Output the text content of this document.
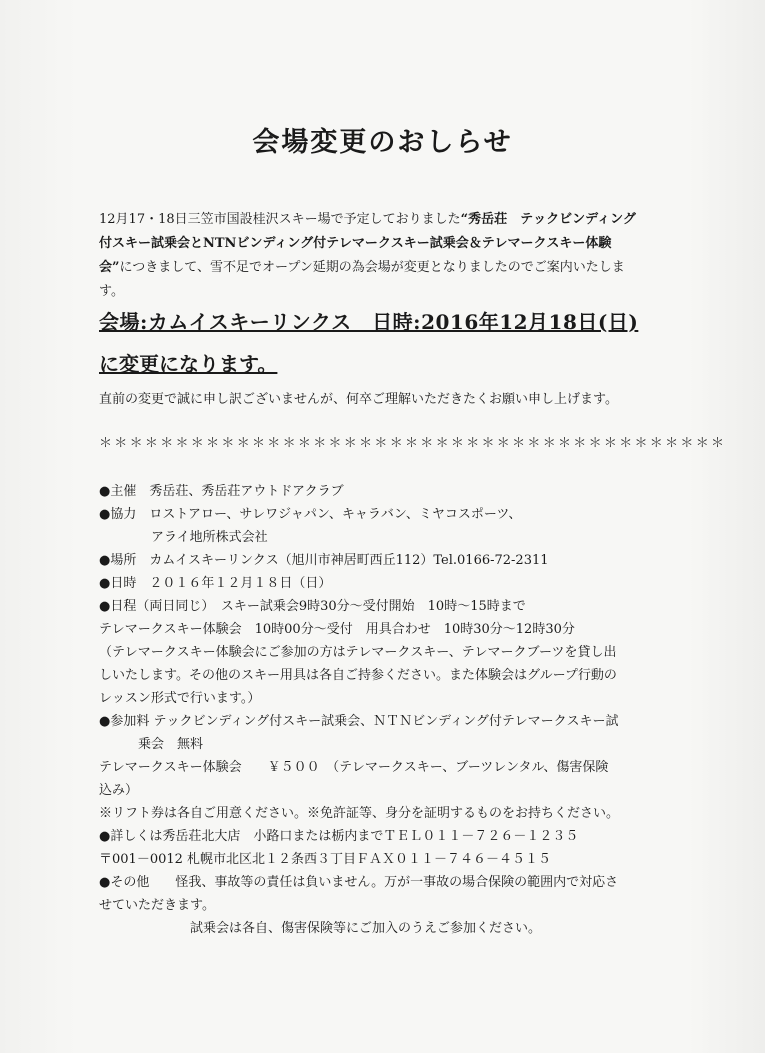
会場変更のおしらせ
12月17・18日三笠市国設桂沢スキー場で予定しておりました“秀岳荘　テックビンディング付スキー試乗会とNTNビンディング付テレマークスキー試乗会＆テレマークスキー体験会”につきまして、雪不足でオープン延期の為会場が変更となりましたのでご案内いたします。
会場:カムイスキーリンクス　日時:2016年12月18日(日)
に変更になります。
直前の変更で誠に申し訳ございませんが、何卒ご理解いただきたくお願い申し上げます。
＊＊＊＊＊＊＊＊＊＊＊＊＊＊＊＊＊＊＊＊＊＊＊＊＊＊＊＊＊＊＊＊＊＊＊＊＊＊＊＊＊
●主催　秀岳荘、秀岳荘アウトドアクラブ
●協力　ロストアロー、サレワジャパン、キャラバン、ミヤコスポーツ、
　　　　アライ地所株式会社
●場所　カムイスキーリンクス（旭川市神居町西丘112）Tel.0166-72-2311
●日時　２０１６年１２月１８日（日）
●日程（両日同じ）　スキー試乗会9時30分～受付開始　10時～15時まで
テレマークスキー体験会　10時00分～受付　用具合わせ　10時30分～12時30分
（テレマークスキー体験会にご参加の方はテレマークスキー、テレマークブーツを貸し出
しいたします。その他のスキー用具は各自ご持参ください。また体験会はグループ行動の
レッスン形式で行います。）
●参加料 テックビンディング付スキー試乗会、ＮＴＮビンディング付テレマークスキー試
　　　乗会　無料
テレマークスキー体験会　　￥５００　（テレマークスキー、ブーツレンタル、傷害保険
込み）
※リフト券は各自ご用意ください。※免許証等、身分を証明するものをお持ちください。
●詳しくは秀岳荘北大店　小路口または栃内までＴＥＬ０１１－７２６－１２３５
〒001－0012 札幌市北区北１２条西３丁目ＦＡＸ０１１－７４６－４５１５
●その他　　怪我、事故等の責任は負いません。万が一事故の場合保険の範囲内で対応さ
せていただきます。
　　　　　　　試乗会は各自、傷害保険等にご加入のうえご参加ください。
